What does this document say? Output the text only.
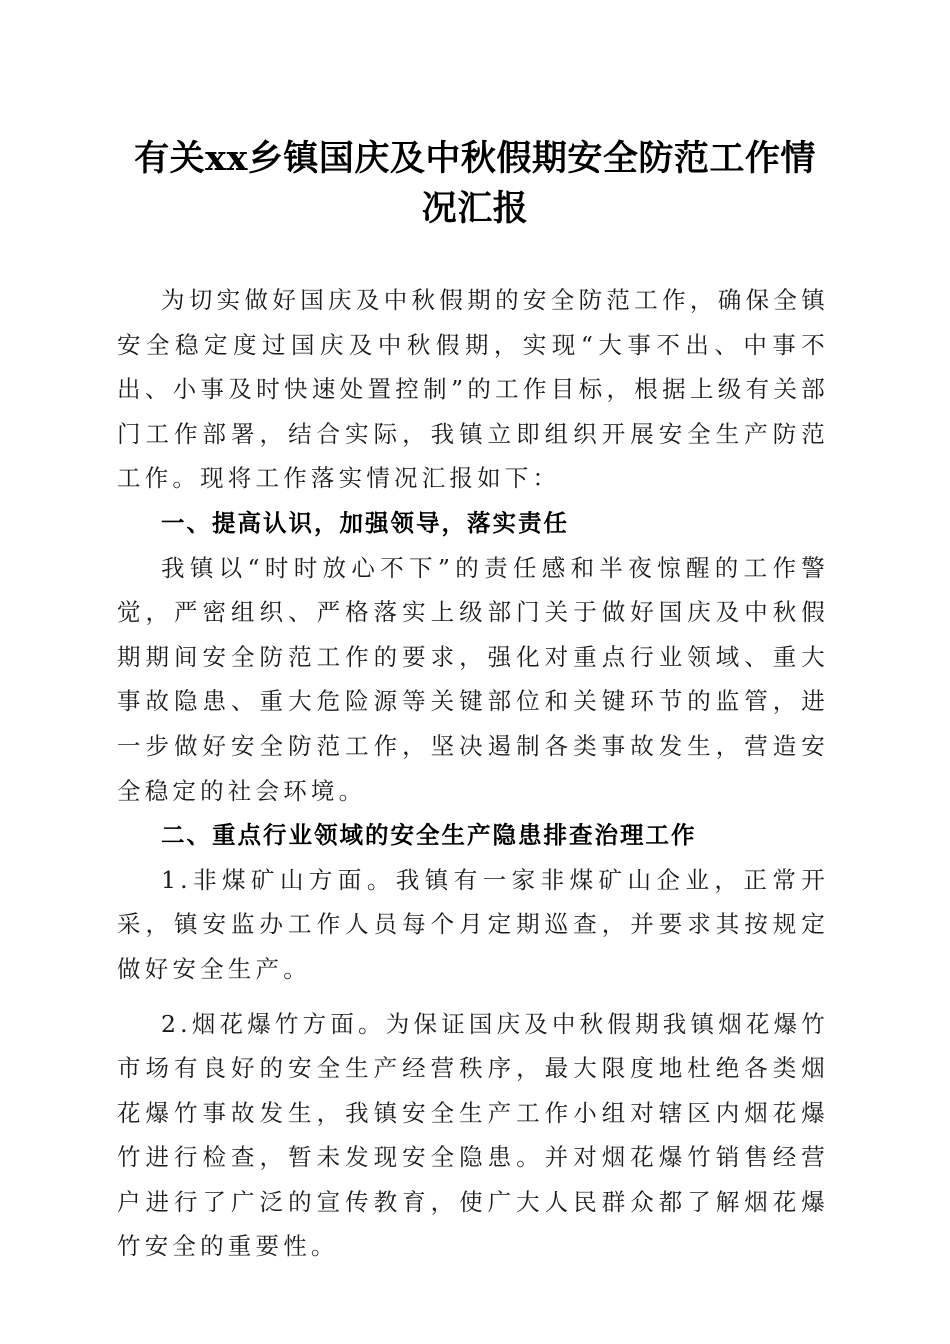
有关xx乡镇国庆及中秋假期安全防范工作情况汇报

为切实做好国庆及中秋假期的安全防范工作，确保全镇安全稳定度过国庆及中秋假期，实现“大事不出、中事不出、小事及时快速处置控制”的工作目标，根据上级有关部门工作部署，结合实际，我镇立即组织开展安全生产防范工作。现将工作落实情况汇报如下：

一、提高认识，加强领导，落实责任

我镇以“时时放心不下”的责任感和半夜惊醒的工作警觉，严密组织、严格落实上级部门关于做好国庆及中秋假期期间安全防范工作的要求，强化对重点行业领域、重大事故隐患、重大危险源等关键部位和关键环节的监管，进一步做好安全防范工作，坚决遏制各类事故发生，营造安全稳定的社会环境。

二、重点行业领域的安全生产隐患排查治理工作

1.非煤矿山方面。我镇有一家非煤矿山企业，正常开采，镇安监办工作人员每个月定期巡查，并要求其按规定做好安全生产。

2.烟花爆竹方面。为保证国庆及中秋假期我镇烟花爆竹市场有良好的安全生产经营秩序，最大限度地杜绝各类烟花爆竹事故发生，我镇安全生产工作小组对辖区内烟花爆竹进行检查，暂未发现安全隐患。并对烟花爆竹销售经营户进行了广泛的宣传教育，使广大人民群众都了解烟花爆竹安全的重要性。
